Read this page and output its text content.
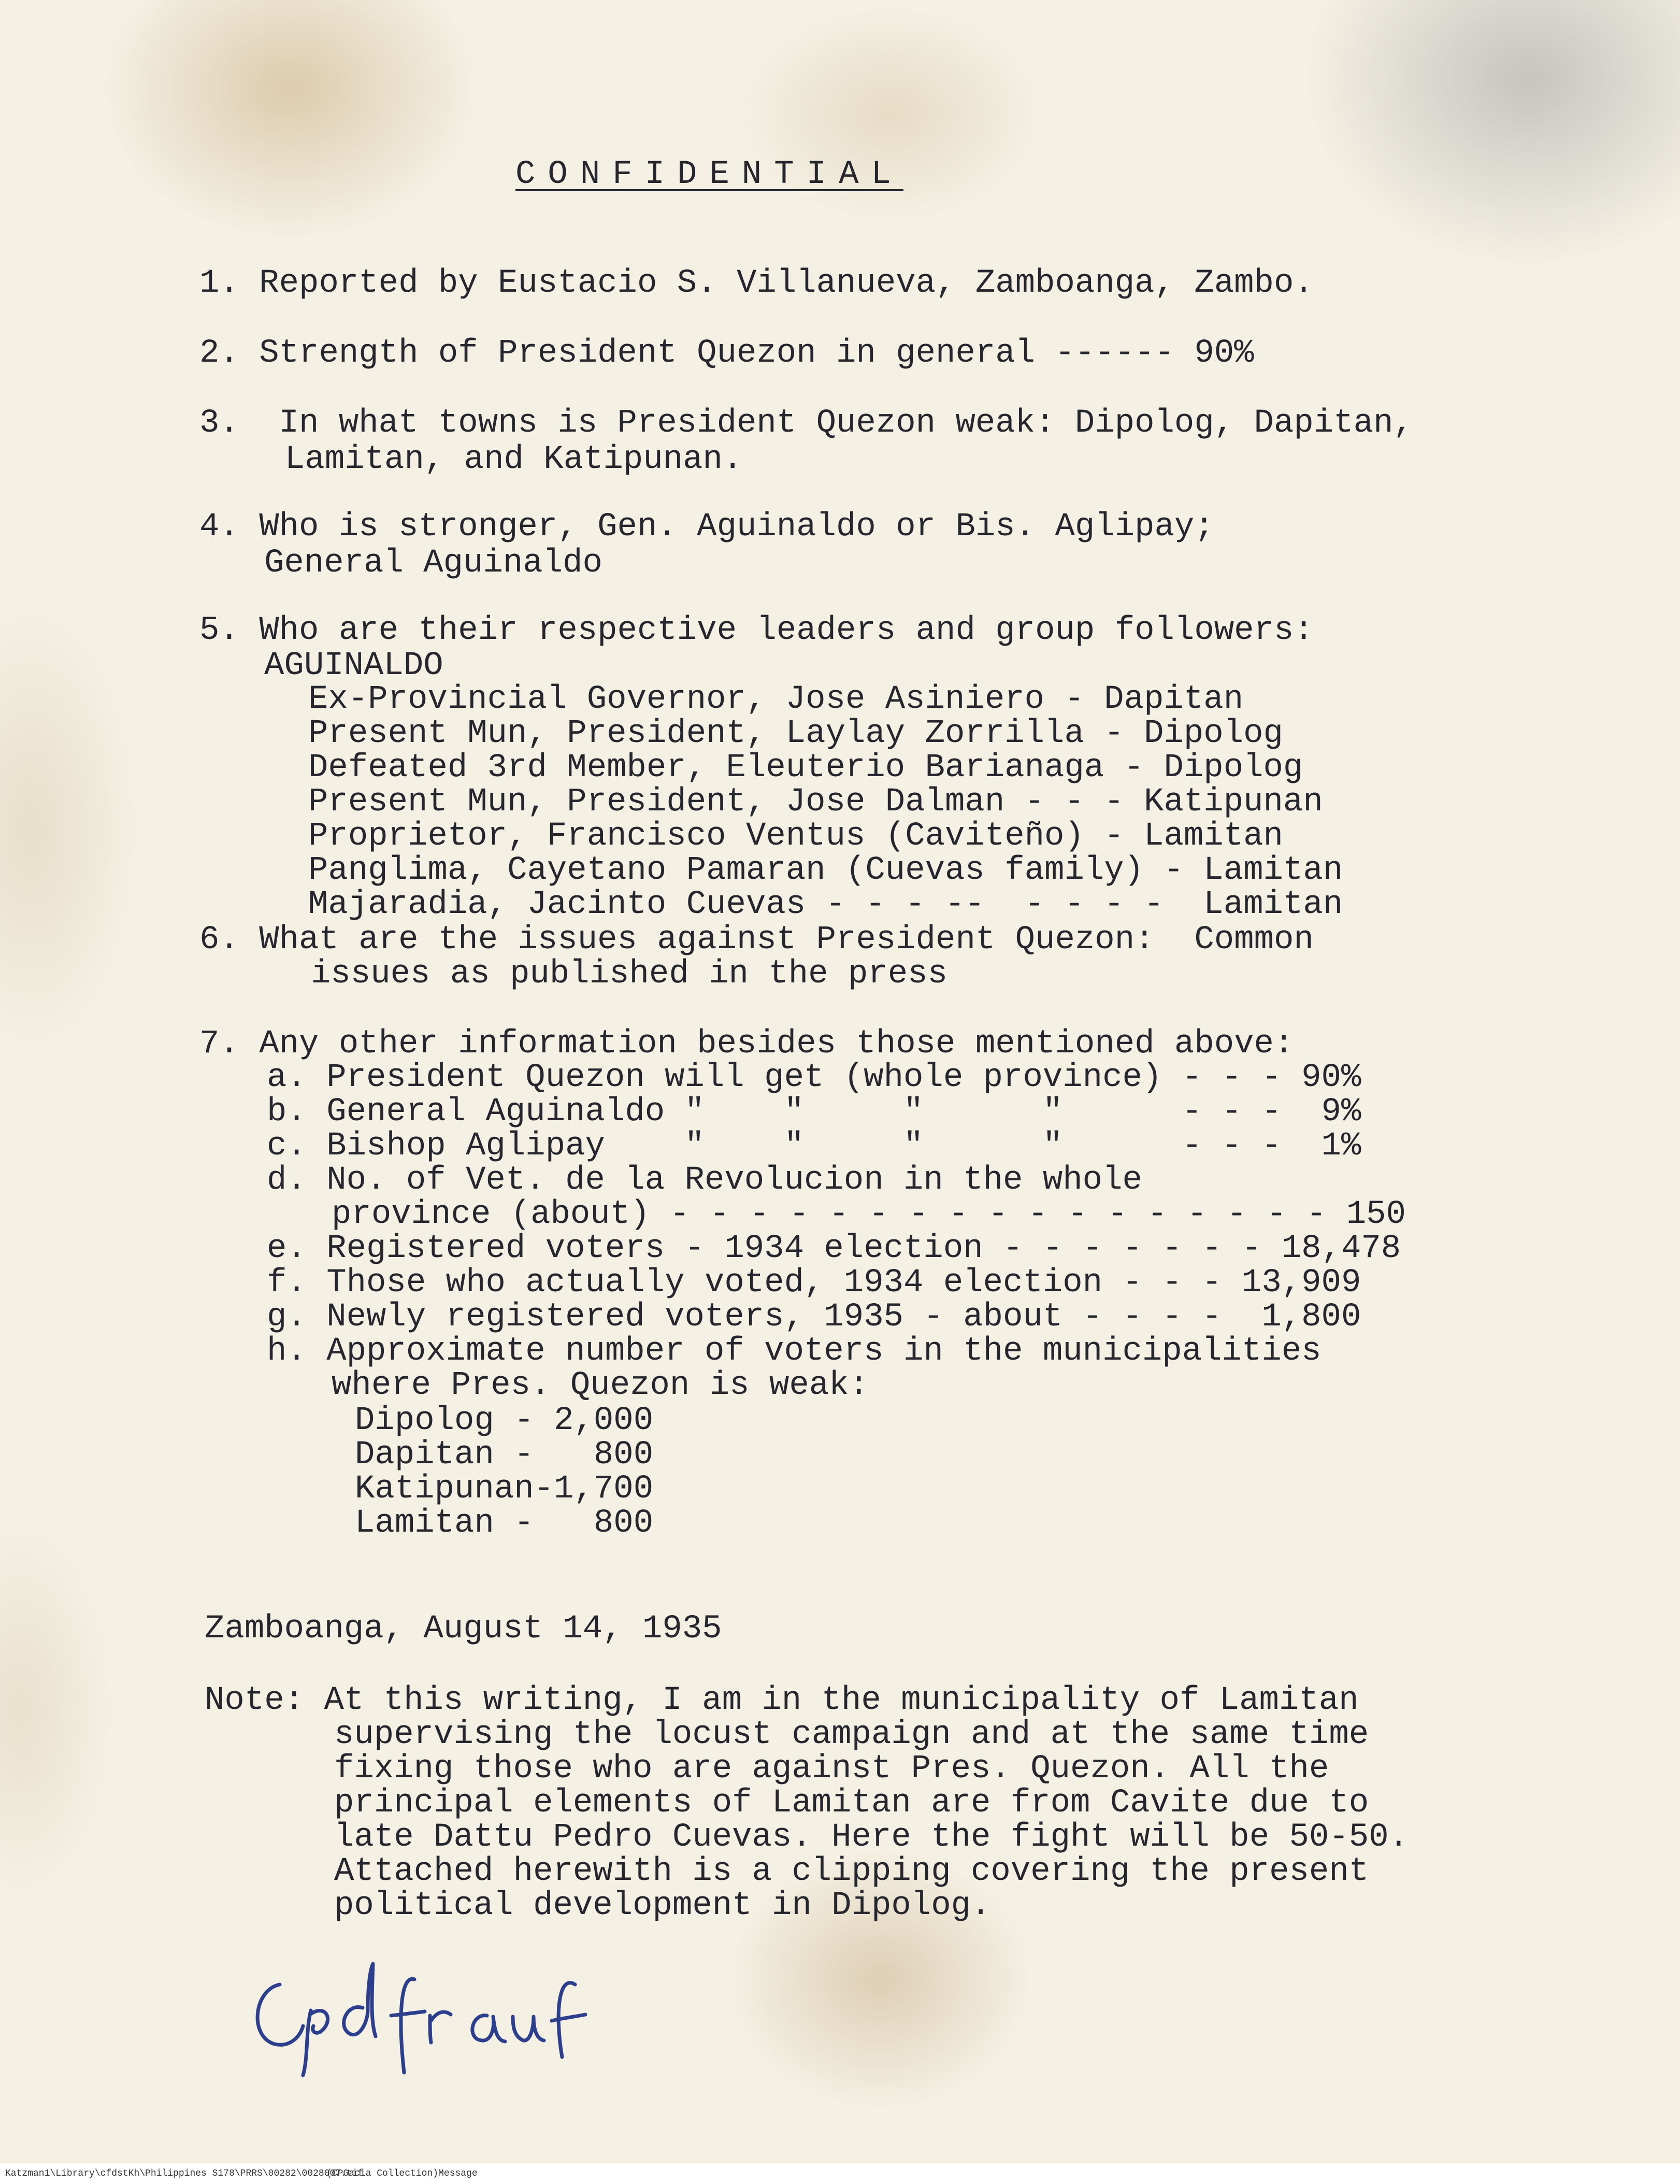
CONFIDENTIAL
1. Reported by Eustacio S. Villanueva, Zamboanga, Zambo.
2. Strength of President Quezon in general ------ 90%
3.  In what towns is President Quezon weak: Dipolog, Dapitan,
Lamitan, and Katipunan.
4. Who is stronger, Gen. Aguinaldo or Bis. Aglipay;
General Aguinaldo
5. Who are their respective leaders and group followers:
AGUINALDO
Ex-Provincial Governor, Jose Asiniero - Dapitan
Present Mun, President, Laylay Zorrilla - Dipolog
Defeated 3rd Member, Eleuterio Barianaga - Dipolog
Present Mun, President, Jose Dalman - - - Katipunan
Proprietor, Francisco Ventus (Caviteño) - Lamitan
Panglima, Cayetano Pamaran (Cuevas family) - Lamitan
Majaradia, Jacinto Cuevas - - - --  - - - -  Lamitan
6. What are the issues against President Quezon:  Common
issues as published in the press
7. Any other information besides those mentioned above:
a. President Quezon will get (whole province) - - - 90%
b. General Aguinaldo "    "     "      "      - - -  9%
c. Bishop Aglipay    "    "     "      "      - - -  1%
d. No. of Vet. de la Revolucion in the whole
province (about) - - - - - - - - - - - - - - - - - 150
e. Registered voters - 1934 election - - - - - - - 18,478
f. Those who actually voted, 1934 election - - - 13,909
g. Newly registered voters, 1935 - about - - - -  1,800
h. Approximate number of voters in the municipalities
where Pres. Quezon is weak:
Dipolog - 2,000
Dapitan -   800
Katipunan-1,700
Lamitan -   800
Zamboanga, August 14, 1935
Note: At this writing, I am in the municipality of Lamitan
supervising the locust campaign and at the same time
fixing those who are against Pres. Quezon. All the
principal elements of Lamitan are from Cavite due to
late Dattu Pedro Cuevas. Here the fight will be 50-50.
Attached herewith is a clipping covering the present
political development in Dipolog.
Katzman1\Library\cfdstKh\Philippines S178\PRRS\00282\0028007.tif
(CPGacia Collection)Message
